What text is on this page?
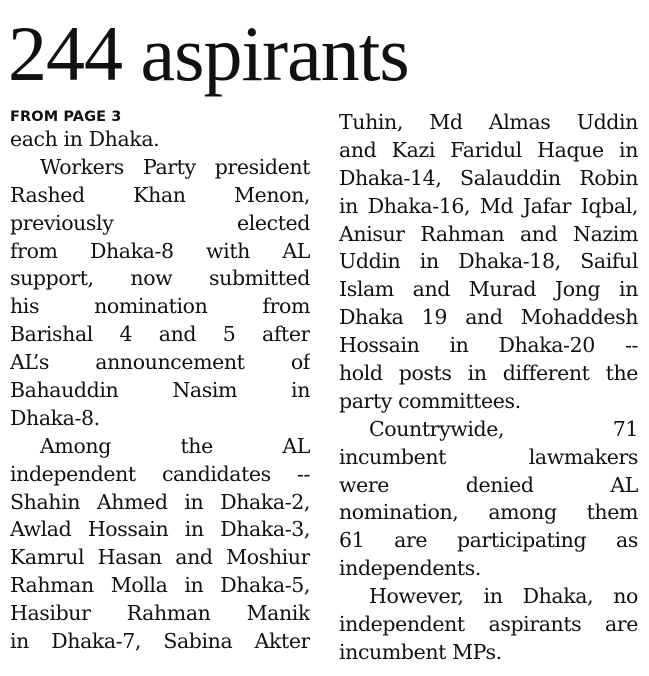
244 aspirants
FROM PAGE 3
each in Dhaka.
Workers Party president
Rashed Khan Menon,
previously elected
from Dhaka-8 with AL
support, now submitted
his nomination from
Barishal 4 and 5 after
AL’s announcement of
Bahauddin Nasim in
Dhaka-8.
Among the AL
independent candidates --
Shahin Ahmed in Dhaka-2,
Awlad Hossain in Dhaka-3,
Kamrul Hasan and Moshiur
Rahman Molla in Dhaka-5,
Hasibur Rahman Manik
in Dhaka-7, Sabina Akter
Tuhin, Md Almas Uddin
and Kazi Faridul Haque in
Dhaka-14, Salauddin Robin
in Dhaka-16, Md Jafar Iqbal,
Anisur Rahman and Nazim
Uddin in Dhaka-18, Saiful
Islam and Murad Jong in
Dhaka 19 and Mohaddesh
Hossain in Dhaka-20 --
hold posts in different the
party committees.
Countrywide, 71
incumbent lawmakers
were denied AL
nomination, among them
61 are participating as
independents.
However, in Dhaka, no
independent aspirants are
incumbent MPs.
